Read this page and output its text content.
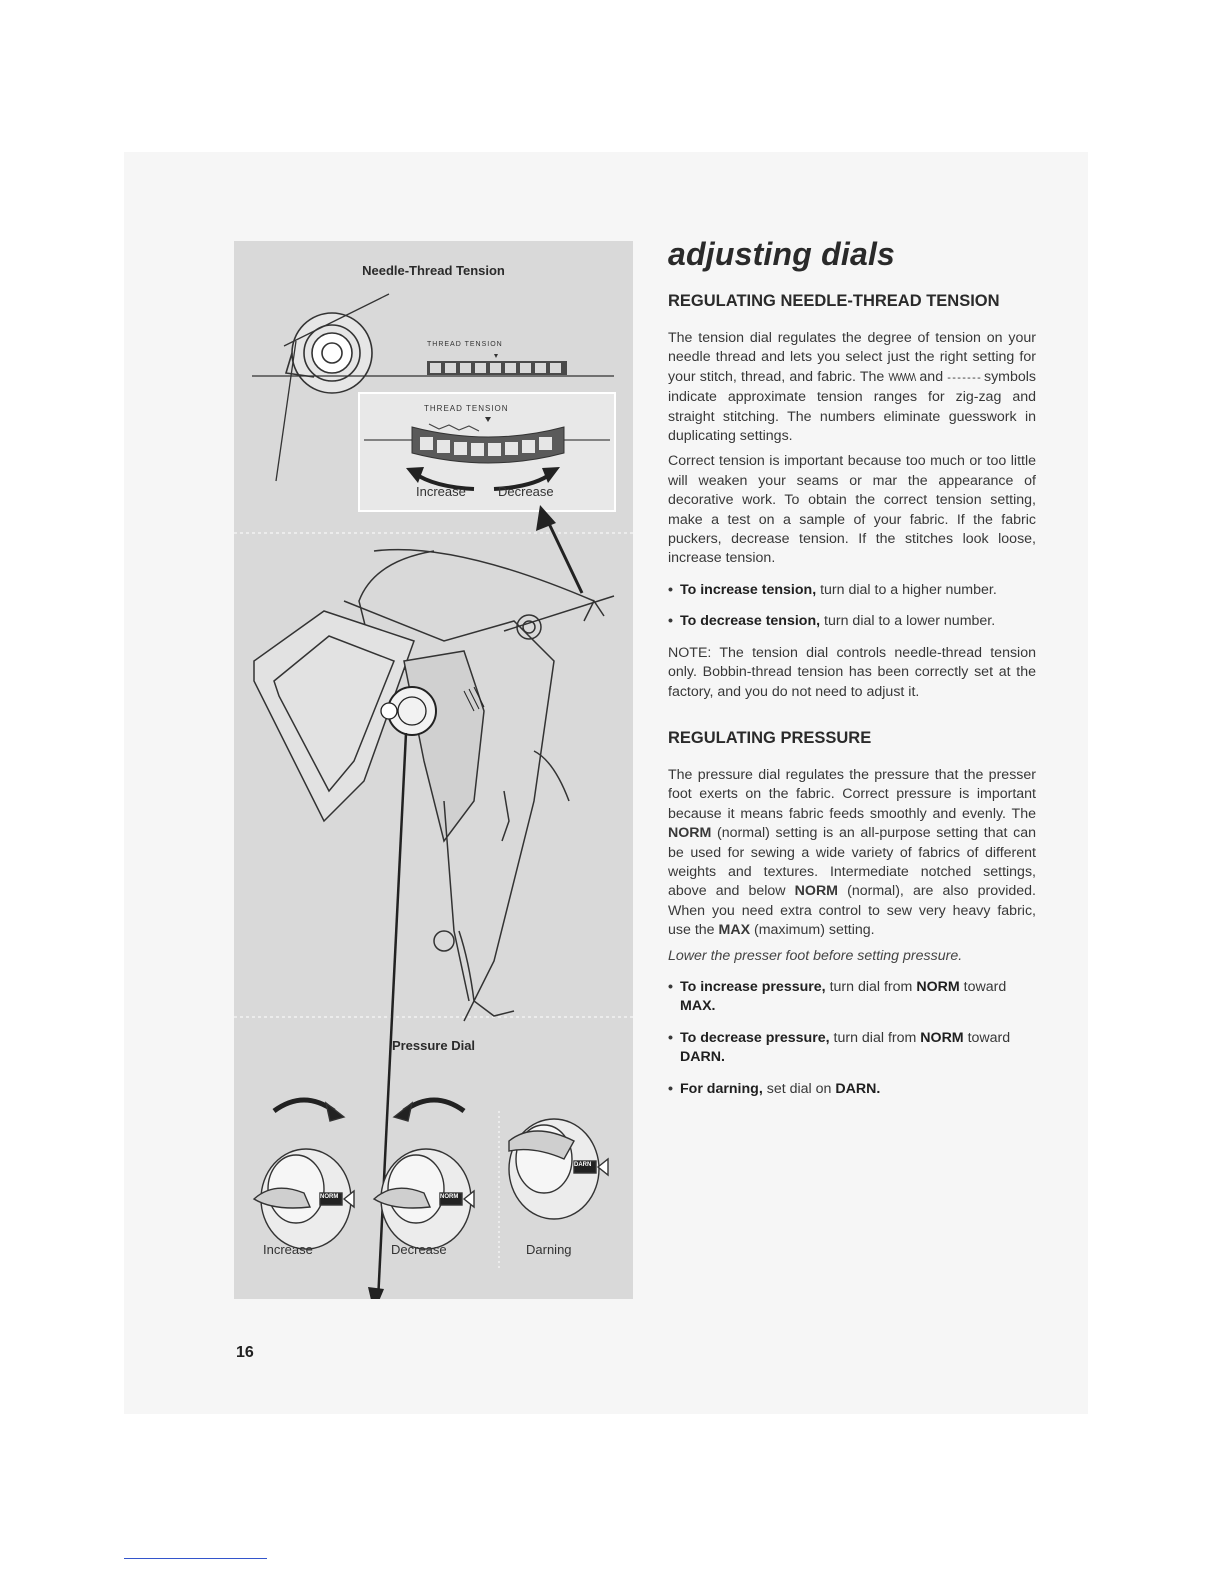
Needle-Thread Tension
THREAD TENSION
THREAD TENSION
Increase Decrease
Pressure Dial
Increase	Decrease	Darning
NORM	NORM
DARN
adjusting dials
REGULATING NEEDLE-THREAD TENSION

The tension dial regulates the degree of tension on your needle thread and lets you select just the right setting for your stitch, thread, and fabric. The \/\/\/\/\/\/\ and - - - - - - - symbols indicate approximate tension ranges for zig-zag and straight stitching. The numbers eliminate guesswork in duplicating settings.

Correct tension is important because too much or too little will weaken your seams or mar the appearance of decorative work. To obtain the correct tension setting, make a test on a sample of your fabric. If the fabric puckers, decrease tension. If the stitches look loose, increase tension.

• To increase tension, turn dial to a higher number.
• To decrease tension, turn dial to a lower number.

NOTE: The tension dial controls needle-thread tension only. Bobbin-thread tension has been correctly set at the factory, and you do not need to adjust it.

REGULATING PRESSURE

The pressure dial regulates the pressure that the presser foot exerts on the fabric. Correct pressure is important because it means fabric feeds smoothly and evenly. The NORM (normal) setting is an all-purpose setting that can be used for sewing a wide variety of fabrics of different weights and textures. Intermediate notched settings, above and below NORM (normal), are also provided. When you need extra control to sew very heavy fabric, use the MAX (maximum) setting.

Lower the presser foot before setting pressure.
• To increase pressure, turn dial from NORM toward MAX.
• To decrease pressure, turn dial from NORM toward DARN.
• For darning, set dial on DARN.
16
